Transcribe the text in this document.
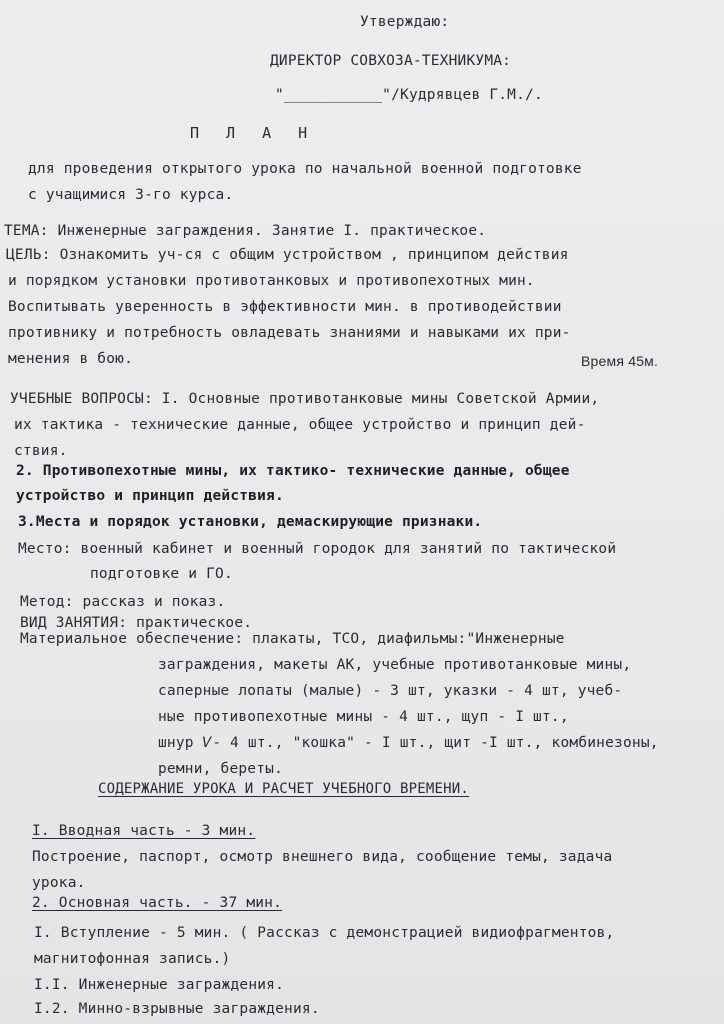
Утверждаю:
ДИРЕКТОР СОВХОЗА-ТЕХНИКУМА:
"___________"/Кудрявцев Г.М./.
П Л А Н
для проведения открытого урока по начальной военной подготовке
с учащимися 3-го курса.
ТЕМА: Инженерные заграждения. Занятие I. практическое.
ЦЕЛЬ: Ознакомить уч-ся с общим устройством , принципом действия
и порядком установки противотанковых и противопехотных мин.
Воспитывать уверенность в эффективности мин. в противодействии
противнику и потребность овладевать знаниями и навыками их при-
менения в бою.	Время 45м.
УЧЕБНЫЕ ВОПРОСЫ: I. Основные противотанковые мины Советской Армии,
их тактика - технические данные, общее устройство и принцип дей-
ствия.
2. Противопехотные мины, их тактико- технические данные, общее
устройство и принцип действия.
3.Места и порядок установки, демаскирующие признаки.
Место: военный кабинет и военный городок для занятий по тактической
подготовке и ГО.
Метод: рассказ и показ.
ВИД ЗАНЯТИЯ: практическое.
Материальное обеспечение: плакаты, ТСО, диафильмы:"Инженерные
заграждения, макеты АК, учебные противотанковые мины,
саперные лопаты (малые) - 3 шт, указки - 4 шт, учеб-
ные противопехотные мины - 4 шт., щуп - I шт.,
шнур 𝑉- 4 шт., "кошка" - I шт., щит -I шт., комбинезоны,
ремни, береты.
СОДЕРЖАНИЕ УРОКА И РАСЧЕТ УЧЕБНОГО ВРЕМЕНИ.
I. Вводная часть - 3 мин.
Построение, паспорт, осмотр внешнего вида, сообщение темы, задача
урока.
2. Основная часть. - 37 мин.
I. Вступление - 5 мин. ( Рассказ с демонстрацией видиофрагментов,
магнитофонная запись.)
I.I. Инженерные заграждения.
I.2. Минно-взрывные заграждения.
